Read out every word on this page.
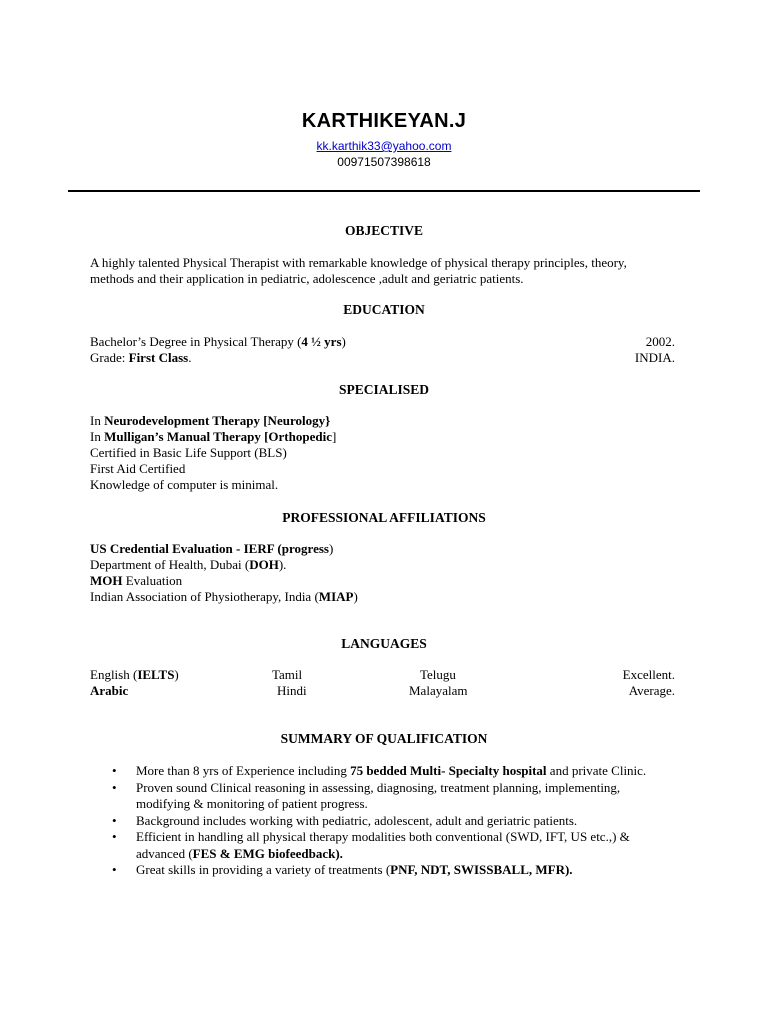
KARTHIKEYAN.J
kk.karthik33@yahoo.com
00971507398618
OBJECTIVE
A highly talented Physical Therapist with remarkable knowledge of physical therapy principles, theory,
methods and their application in pediatric, adolescence ,adult and geriatric patients.
EDUCATION
Bachelor’s Degree in Physical Therapy (4 ½ yrs)	2002.
Grade: First Class.	INDIA.
SPECIALISED
In Neurodevelopment Therapy [Neurology}
In Mulligan’s Manual Therapy [Orthopedic]
Certified in Basic Life Support (BLS)
First Aid Certified
Knowledge of computer is minimal.
PROFESSIONAL AFFILIATIONS
US Credential Evaluation - IERF (progress)
Department of Health, Dubai (DOH).
MOH Evaluation
Indian Association of Physiotherapy, India (MIAP)
LANGUAGES
English (IELTS)	Tamil	Telugu	Excellent.
Arabic	Hindi	Malayalam	Average.
SUMMARY OF QUALIFICATION
• More than 8 yrs of Experience including 75 bedded Multi- Specialty hospital and private Clinic.
• Proven sound Clinical reasoning in assessing, diagnosing, treatment planning, implementing,
modifying & monitoring of patient progress.
• Background includes working with pediatric, adolescent, adult and geriatric patients.
• Efficient in handling all physical therapy modalities both conventional (SWD, IFT, US etc.,) &
advanced (FES & EMG biofeedback).
• Great skills in providing a variety of treatments (PNF, NDT, SWISSBALL, MFR).
